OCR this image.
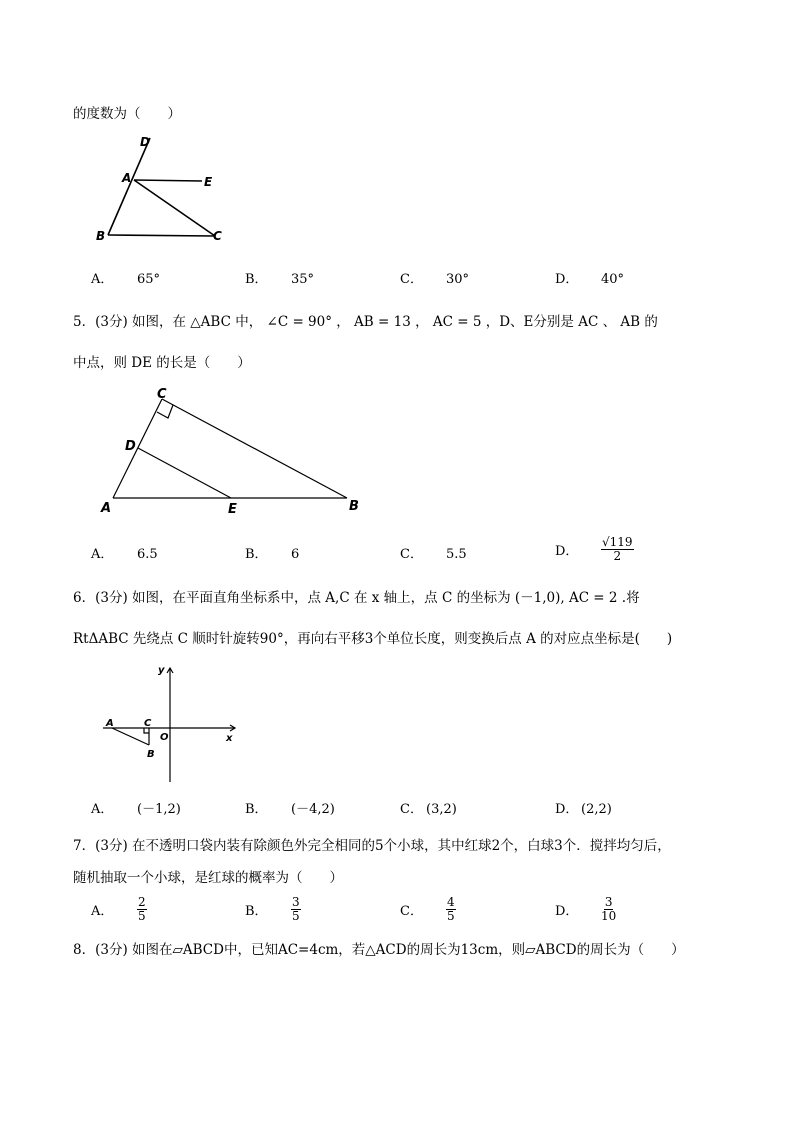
的度数为（　　）
D
A	E
B	C
A． 65°	B． 35°	C． 30°	D． 40°
5．(3分) 如图，在 △ABC 中， ∠C = 90° ， AB = 13 ， AC = 5 ，D、E分别是 AC 、 AB 的
中点，则 DE 的长是（　　）
C
D
A	E	B
A． 6.5	B． 6	C． 5.5	D． $\frac{√119}{2}$
6．(3分) 如图，在平面直角坐标系中，点 A,C 在 x 轴上，点 C 的坐标为 (－1,0), AC = 2 .将
RtΔABC 先绕点 C 顺时针旋转90°，再向右平移3个单位长度，则变换后点 A 的对应点坐标是(　　)
y
x
A	C
O
B
A． (－1,2)	B． (－4,2)	C． (3,2)	D． (2,2)
7．(3分) 在不透明口袋内装有除颜色外完全相同的5个小球，其中红球2个，白球3个．搅拌均匀后，
随机抽取一个小球，是红球的概率为（　　）
A． $\frac{2}{5}$	B． $\frac{3}{5}$	C． $\frac{4}{5}$	D． $\frac{3}{10}$
8．(3分) 如图在▱ABCD中，已知AC=4cm，若△ACD的周长为13cm，则▱ABCD的周长为（　　）
